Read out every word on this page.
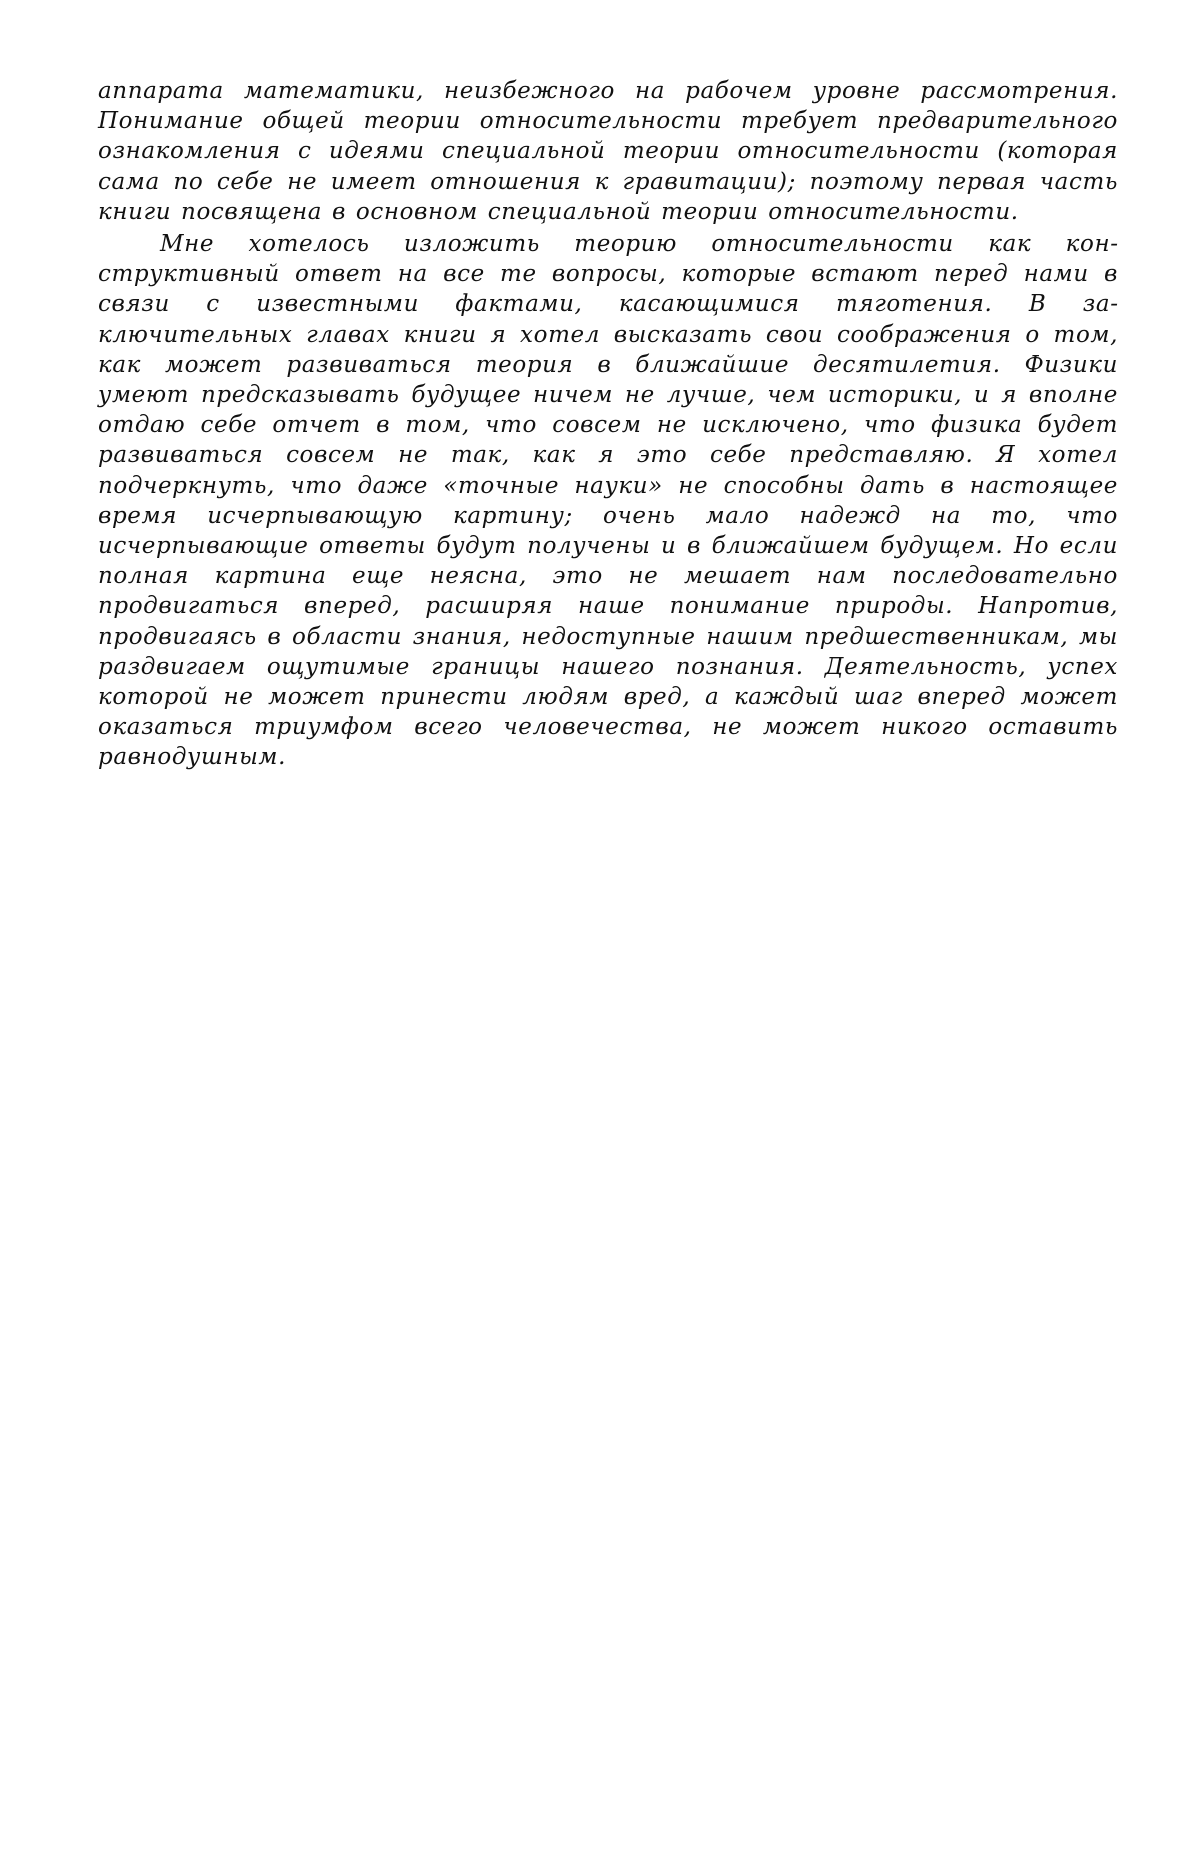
аппарата математики, неизбежного на рабочем уровне рассмотрения. Понимание общей теории относительности требует предварительного ознакомления с идеями специальной теории относительности (которая сама по себе не имеет отношения к гравитации); поэтому первая часть книги посвящена в основном специальной теории относительности.

Мне хотелось изложить теорию относительности как конструктивный ответ на все те вопросы, которые встают перед нами в связи с известными фактами, касающимися тяготения. В заключительных главах книги я хотел высказать свои соображения о том, как может развиваться теория в ближайшие десятилетия. Физики умеют предсказывать будущее ничем не лучше, чем историки, и я вполне отдаю себе отчет в том, что совсем не исключено, что физика будет развиваться совсем не так, как я это себе представляю. Я хотел подчеркнуть, что даже «точные науки» не способны дать в настоящее время исчерпывающую картину; очень мало надежд на то, что исчерпывающие ответы будут получены и в ближайшем будущем. Но если полная картина еще неясна, это не мешает нам последовательно продвигаться вперед, расширяя наше понимание природы. Напротив, продвигаясь в области знания, недоступные нашим предшественникам, мы раздвигаем ощутимые границы нашего познания. Деятельность, успех которой не может принести людям вред, а каждый шаг вперед может оказаться триумфом всего человечества, не может никого оставить равнодушным.
